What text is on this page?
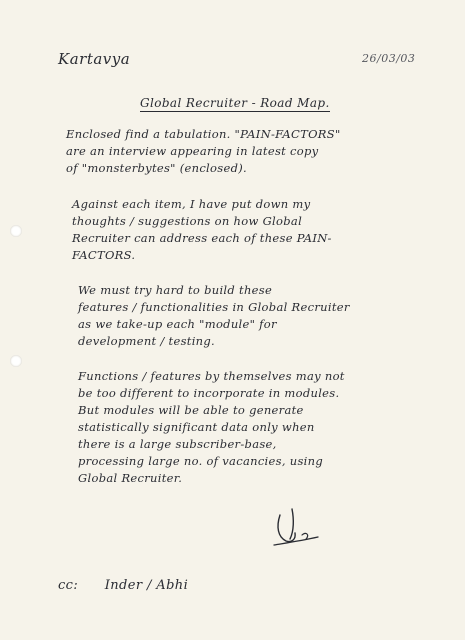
Kartavya	26/03/03
Global Recruiter - Road Map.
Enclosed find a tabulation. "PAIN-FACTORS"
are an interview appearing in latest copy
of "monsterbytes" (enclosed).
Against each item, I have put down my
thoughts / suggestions on how Global
Recruiter can address each of these PAIN-
FACTORS.
We must try hard to build these
features / functionalities in Global Recruiter
as we take-up each "module" for
development / testing.
Functions / features by themselves may not
be too different to incorporate in modules.
But modules will be able to generate
statistically significant data only when
there is a large subscriber-base,
processing large no. of vacancies, using
Global Recruiter.
cc: Inder / Abhi
